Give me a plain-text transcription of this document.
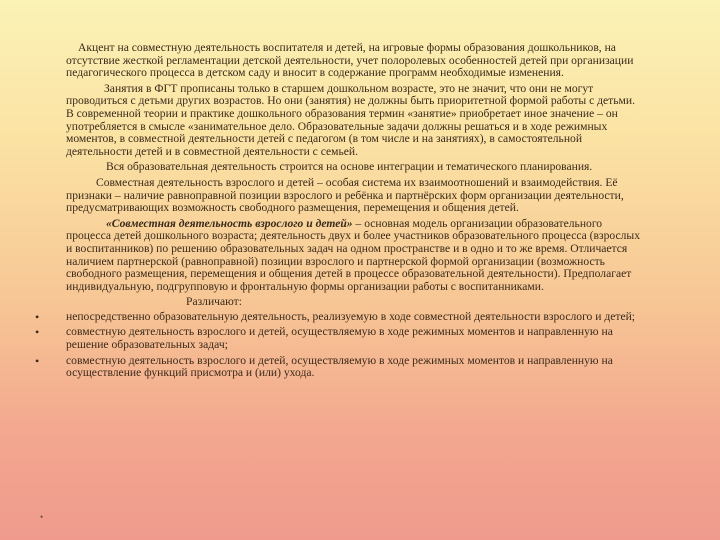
Акцент на совместную деятельность воспитателя и детей, на игровые формы образования дошкольников, на отсутствие жесткой регламентации детской деятельности, учет полоролевых особенностей детей при организации педагогического процесса в детском саду и вносит в содержание программ необходимые изменения.

Занятия в ФГТ прописаны только в старшем дошкольном возрасте, это не значит, что они не могут проводиться с детьми других возрастов. Но они (занятия) не должны быть приоритетной формой работы с детьми. В современной теории и практике дошкольного образования термин «занятие» приобретает иное значение – он употребляется в смысле «занимательное дело. Образовательные задачи должны решаться и в ходе режимных моментов, в совместной деятельности детей с педагогом (в том числе и на занятиях), в самостоятельной деятельности детей и в совместной деятельности с семьей.

Вся образовательная деятельность строится на основе интеграции и тематического планирования.

Совместная деятельность взрослого и детей – особая система их взаимоотношений и взаимодействия. Её признаки – наличие равноправной позиции взрослого и ребёнка и партнёрских форм организации деятельности, предусматривающих возможность свободного размещения, перемещения и общения детей.

«Совместная деятельность взрослого и детей» – основная модель организации образовательного процесса детей дошкольного возраста; деятельность двух и более участников образовательного процесса (взрослых и воспитанников) по решению образовательных задач на одном пространстве и в одно и то же время. Отличается наличием партнерской (равноправной) позиции взрослого и партнерской формой организации (возможность свободного размещения, перемещения и общения детей в процессе образовательной деятельности). Предполагает индивидуальную, подгрупповую и фронтальную формы организации работы с воспитанниками.

Различают:

• непосредственно образовательную деятельность, реализуемую в ходе совместной деятельности взрослого и детей;
• совместную деятельность взрослого и детей, осуществляемую в ходе режимных моментов и направленную на решение образовательных задач;
• совместную деятельность взрослого и детей, осуществляемую в ходе режимных моментов и направленную на осуществление функций присмотра и (или) ухода.
•
